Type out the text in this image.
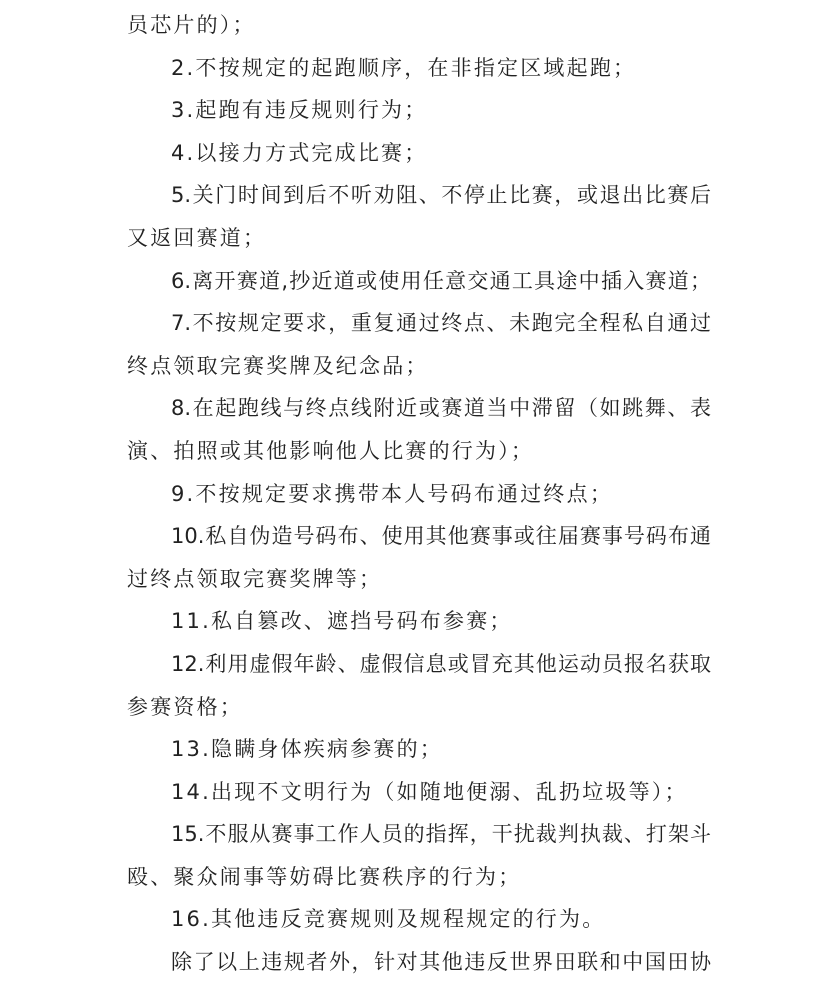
员芯片的）；
2.不按规定的起跑顺序，在非指定区域起跑；
3.起跑有违反规则行为；
4.以接力方式完成比赛；
5.关门时间到后不听劝阻、不停止比赛，或退出比赛后
又返回赛道；
6.离开赛道,抄近道或使用任意交通工具途中插入赛道；
7.不按规定要求，重复通过终点、未跑完全程私自通过
终点领取完赛奖牌及纪念品；
8.在起跑线与终点线附近或赛道当中滞留（如跳舞、表
演、拍照或其他影响他人比赛的行为）；
9.不按规定要求携带本人号码布通过终点；
10.私自伪造号码布、使用其他赛事或往届赛事号码布通
过终点领取完赛奖牌等；
11.私自篡改、遮挡号码布参赛；
12.利用虚假年龄、虚假信息或冒充其他运动员报名获取
参赛资格；
13.隐瞒身体疾病参赛的；
14.出现不文明行为（如随地便溺、乱扔垃圾等）；
15.不服从赛事工作人员的指挥，干扰裁判执裁、打架斗
殴、聚众闹事等妨碍比赛秩序的行为；
16.其他违反竞赛规则及规程规定的行为。
除了以上违规者外，针对其他违反世界田联和中国田协
